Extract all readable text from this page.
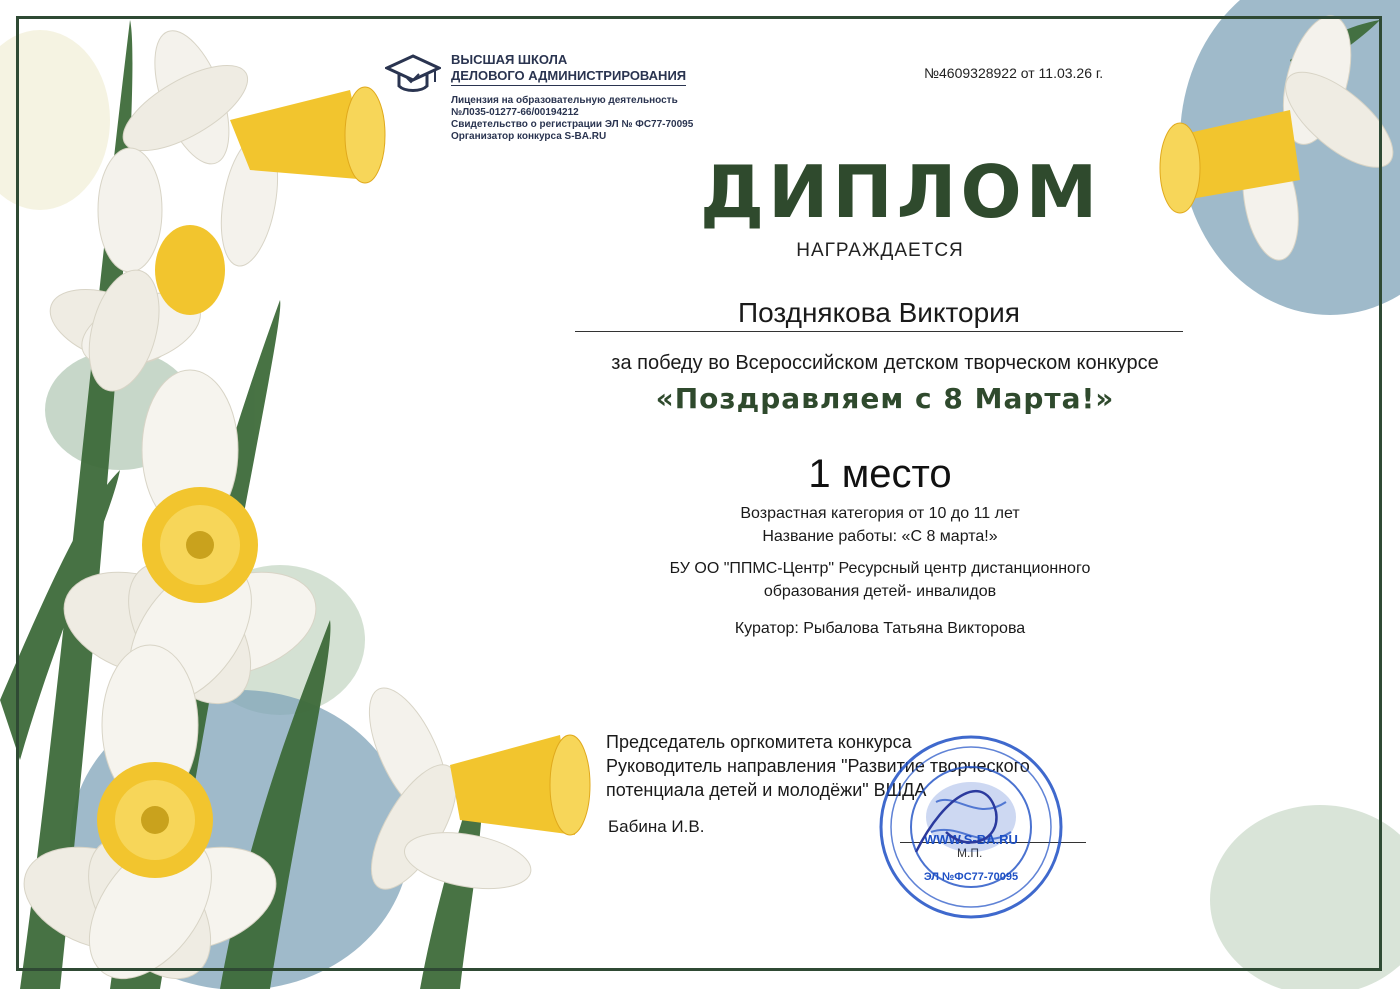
ВЫСШАЯ ШКОЛА
ДЕЛОВОГО АДМИНИСТРИРОВАНИЯ
Лицензия на образовательную деятельность
№Л035-01277-66/00194212
Свидетельство о регистрации ЭЛ № ФС77-70095
Организатор конкурса S-BA.RU
№4609328922 от 11.03.26 г.
ДИПЛОМ
НАГРАЖДАЕТСЯ
Позднякова Виктория
за победу во Всероссийском детском творческом конкурсе
«Поздравляем с 8 Марта!»
1 место
Возрастная категория от 10 до 11 лет
Название работы: «С 8 марта!»
БУ ОО "ППМС-Центр" Ресурсный центр дистанционного
образования детей- инвалидов
Куратор: Рыбалова Татьяна Викторова
Председатель оргкомитета конкурса
Руководитель направления "Развитие творческого
потенциала детей и молодёжи" ВШДА
Бабина И.В.
М.П.
WWW.S-BA.RU
ЭЛ №ФС77-70095
